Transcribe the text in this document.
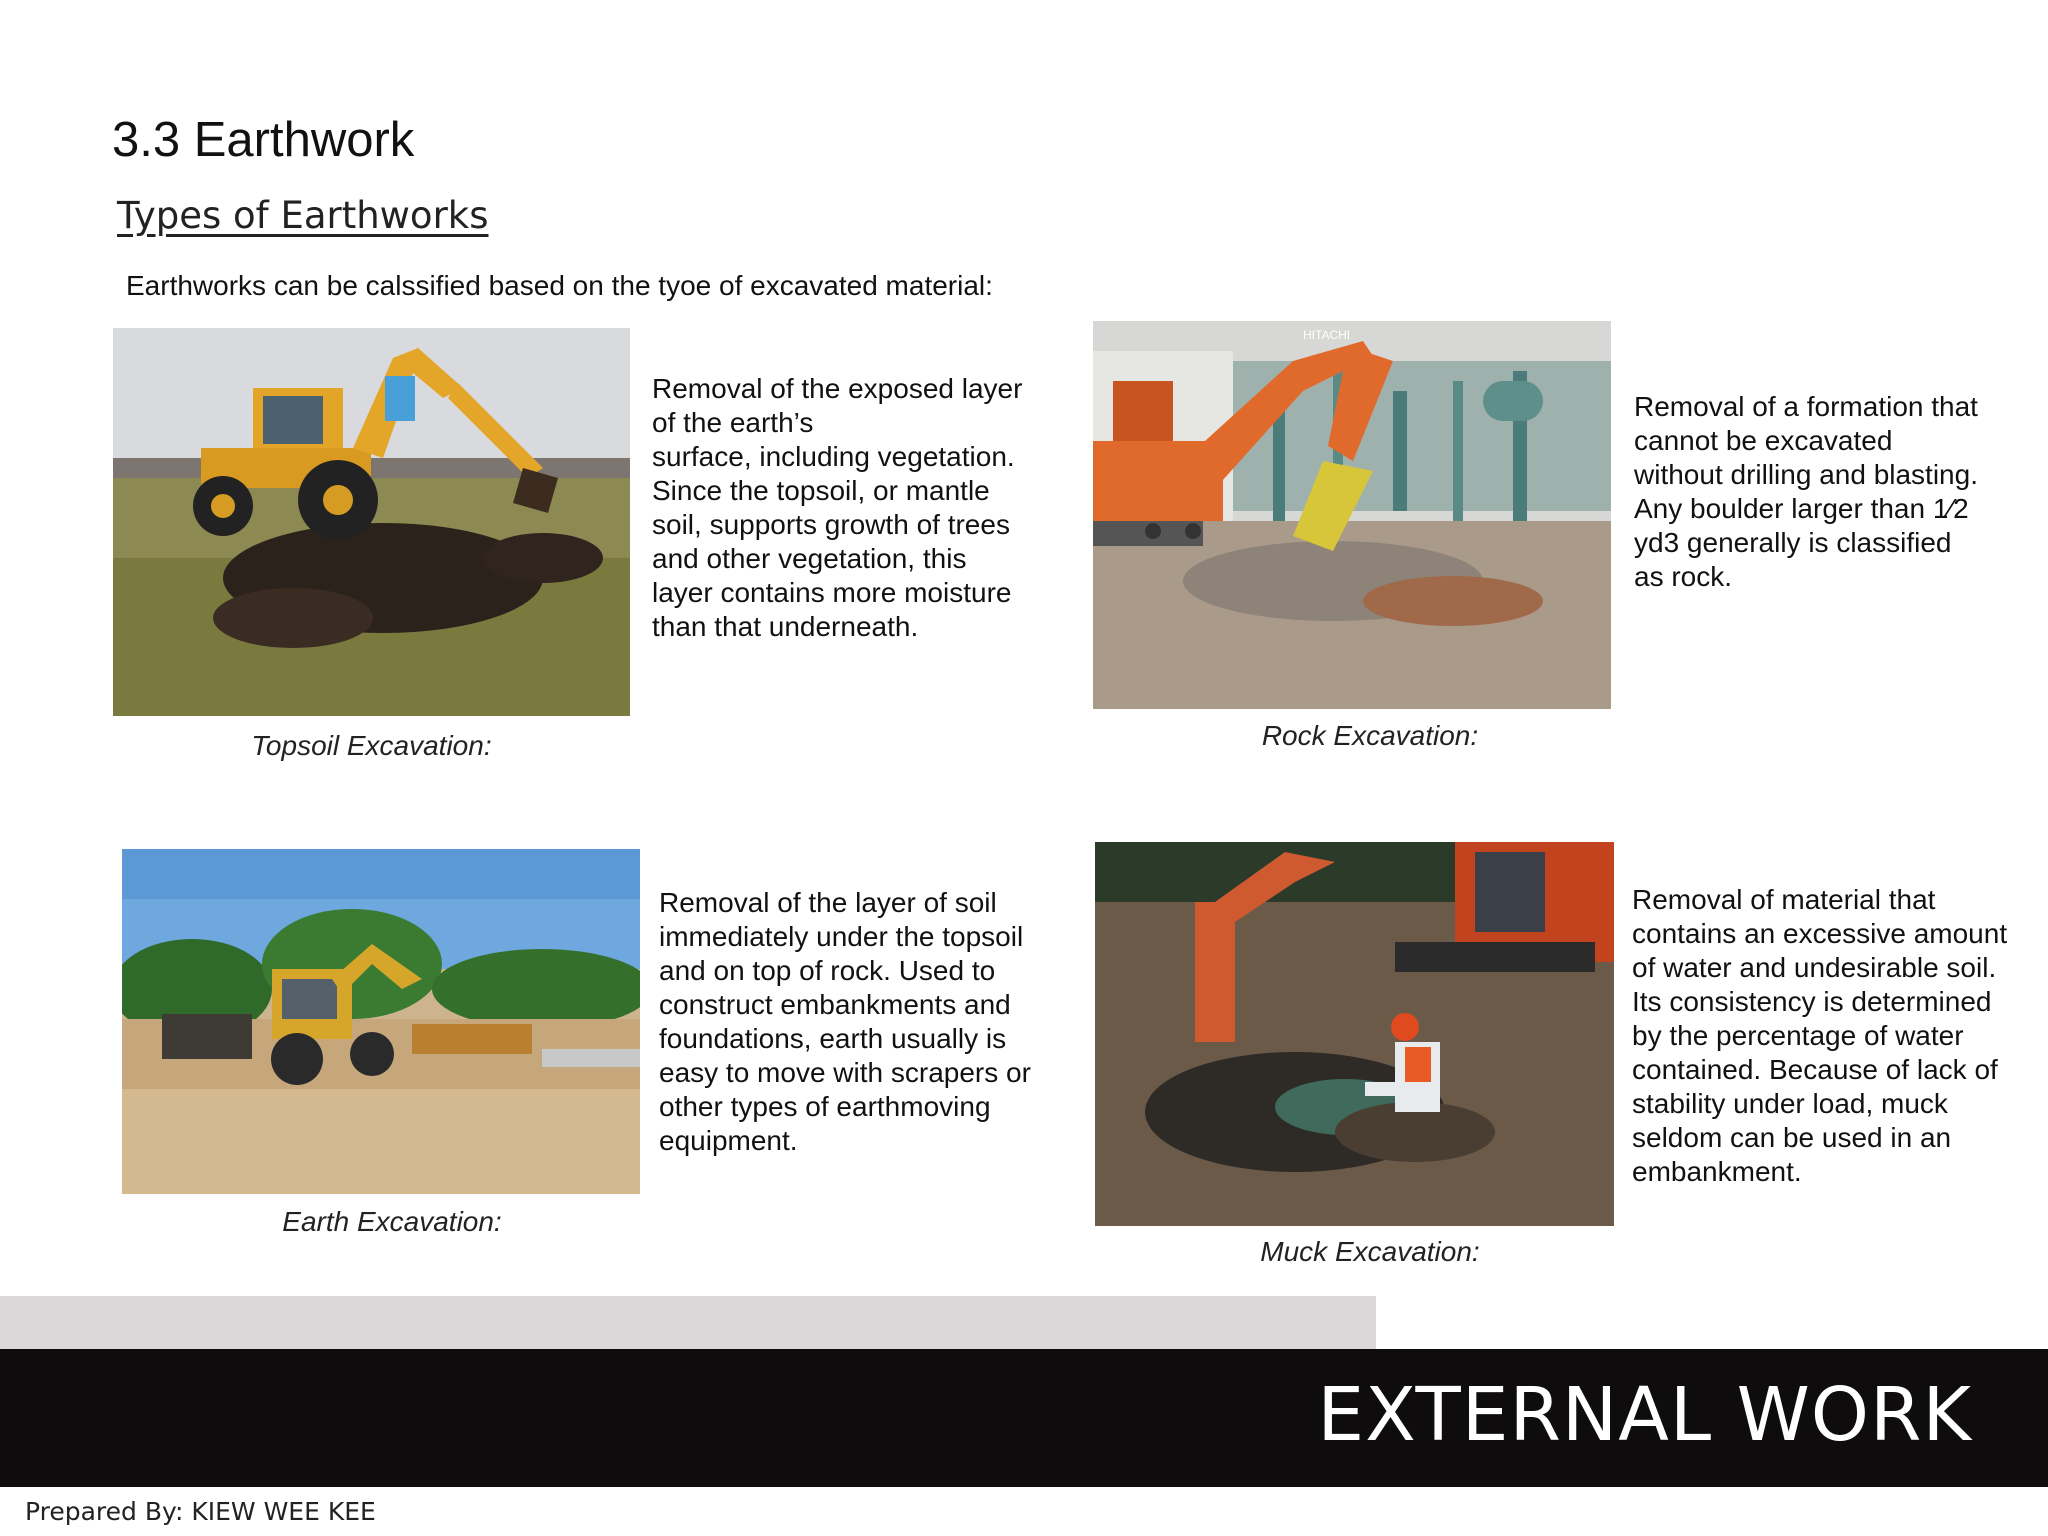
3.3 Earthwork
Types of Earthworks
Earthworks can be calssified based on the tyoe of excavated material:
Removal of the exposed layer
of the earth’s
surface, including vegetation.
Since the topsoil, or mantle
soil, supports growth of trees
and other vegetation, this
layer contains more moisture
than that underneath.
Topsoil Excavation:
HITACHI
Removal of a formation that
cannot be excavated
without drilling and blasting.
Any boulder larger than 1⁄2
yd3 generally is classified
as rock.
Rock Excavation:
Removal of the layer of soil
immediately under the topsoil
and on top of rock. Used to
construct embankments and
foundations, earth usually is
easy to move with scrapers or
other types of earthmoving
equipment.
Earth Excavation:
Removal of material that
contains an excessive amount
of water and undesirable soil.
Its consistency is determined
by the percentage of water
contained. Because of lack of
stability under load, muck
seldom can be used in an
embankment.
Muck Excavation:
EXTERNAL WORK
Prepared By: KIEW WEE KEE
